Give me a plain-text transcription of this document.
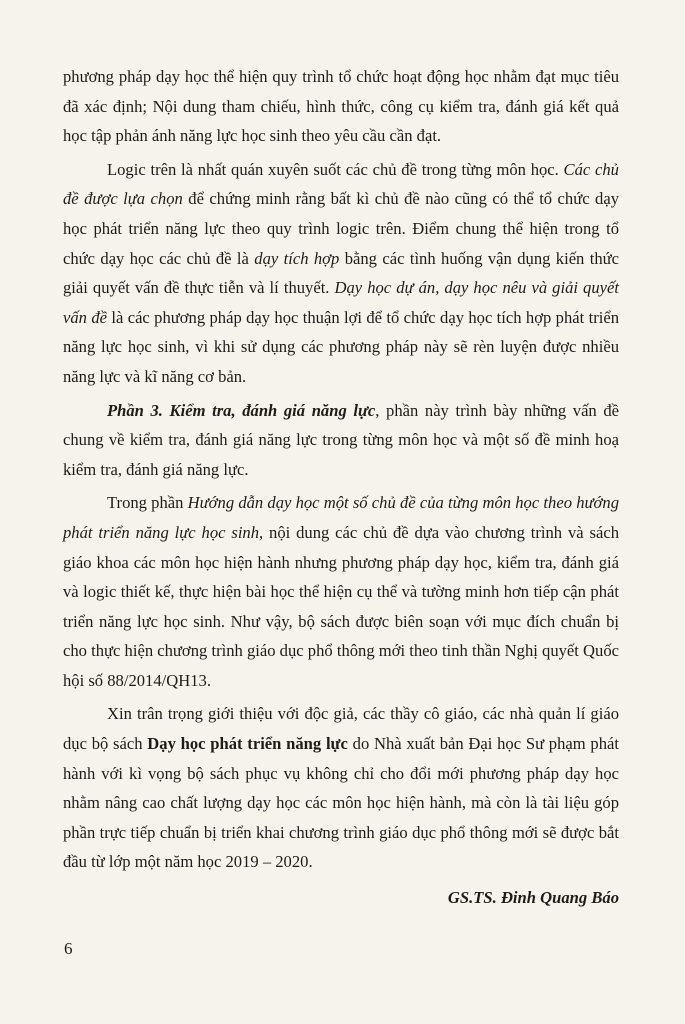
phương pháp dạy học thể hiện quy trình tổ chức hoạt động học nhằm đạt mục tiêu đã xác định; Nội dung tham chiếu, hình thức, công cụ kiểm tra, đánh giá kết quả học tập phản ánh năng lực học sinh theo yêu cầu cần đạt.

Logic trên là nhất quán xuyên suốt các chủ đề trong từng môn học. Các chủ đề được lựa chọn để chứng minh rằng bất kì chủ đề nào cũng có thể tổ chức dạy học phát triển năng lực theo quy trình logic trên. Điểm chung thể hiện trong tổ chức dạy học các chủ đề là dạy tích hợp bằng các tình huống vận dụng kiến thức giải quyết vấn đề thực tiễn và lí thuyết. Dạy học dự án, dạy học nêu và giải quyết vấn đề là các phương pháp dạy học thuận lợi để tổ chức dạy học tích hợp phát triển năng lực học sinh, vì khi sử dụng các phương pháp này sẽ rèn luyện được nhiều năng lực và kĩ năng cơ bản.

Phần 3. Kiểm tra, đánh giá năng lực, phần này trình bày những vấn đề chung về kiểm tra, đánh giá năng lực trong từng môn học và một số đề minh hoạ kiểm tra, đánh giá năng lực.

Trong phần Hướng dẫn dạy học một số chủ đề của từng môn học theo hướng phát triển năng lực học sinh, nội dung các chủ đề dựa vào chương trình và sách giáo khoa các môn học hiện hành nhưng phương pháp dạy học, kiểm tra, đánh giá và logic thiết kế, thực hiện bài học thể hiện cụ thể và tường minh hơn tiếp cận phát triển năng lực học sinh. Như vậy, bộ sách được biên soạn với mục đích chuẩn bị cho thực hiện chương trình giáo dục phổ thông mới theo tinh thần Nghị quyết Quốc hội số 88/2014/QH13.

Xin trân trọng giới thiệu với độc giả, các thầy cô giáo, các nhà quản lí giáo dục bộ sách Dạy học phát triển năng lực do Nhà xuất bản Đại học Sư phạm phát hành với kì vọng bộ sách phục vụ không chỉ cho đổi mới phương pháp dạy học nhằm nâng cao chất lượng dạy học các môn học hiện hành, mà còn là tài liệu góp phần trực tiếp chuẩn bị triển khai chương trình giáo dục phổ thông mới sẽ được bắt đầu từ lớp một năm học 2019 – 2020.

GS.TS. Đinh Quang Báo

6
